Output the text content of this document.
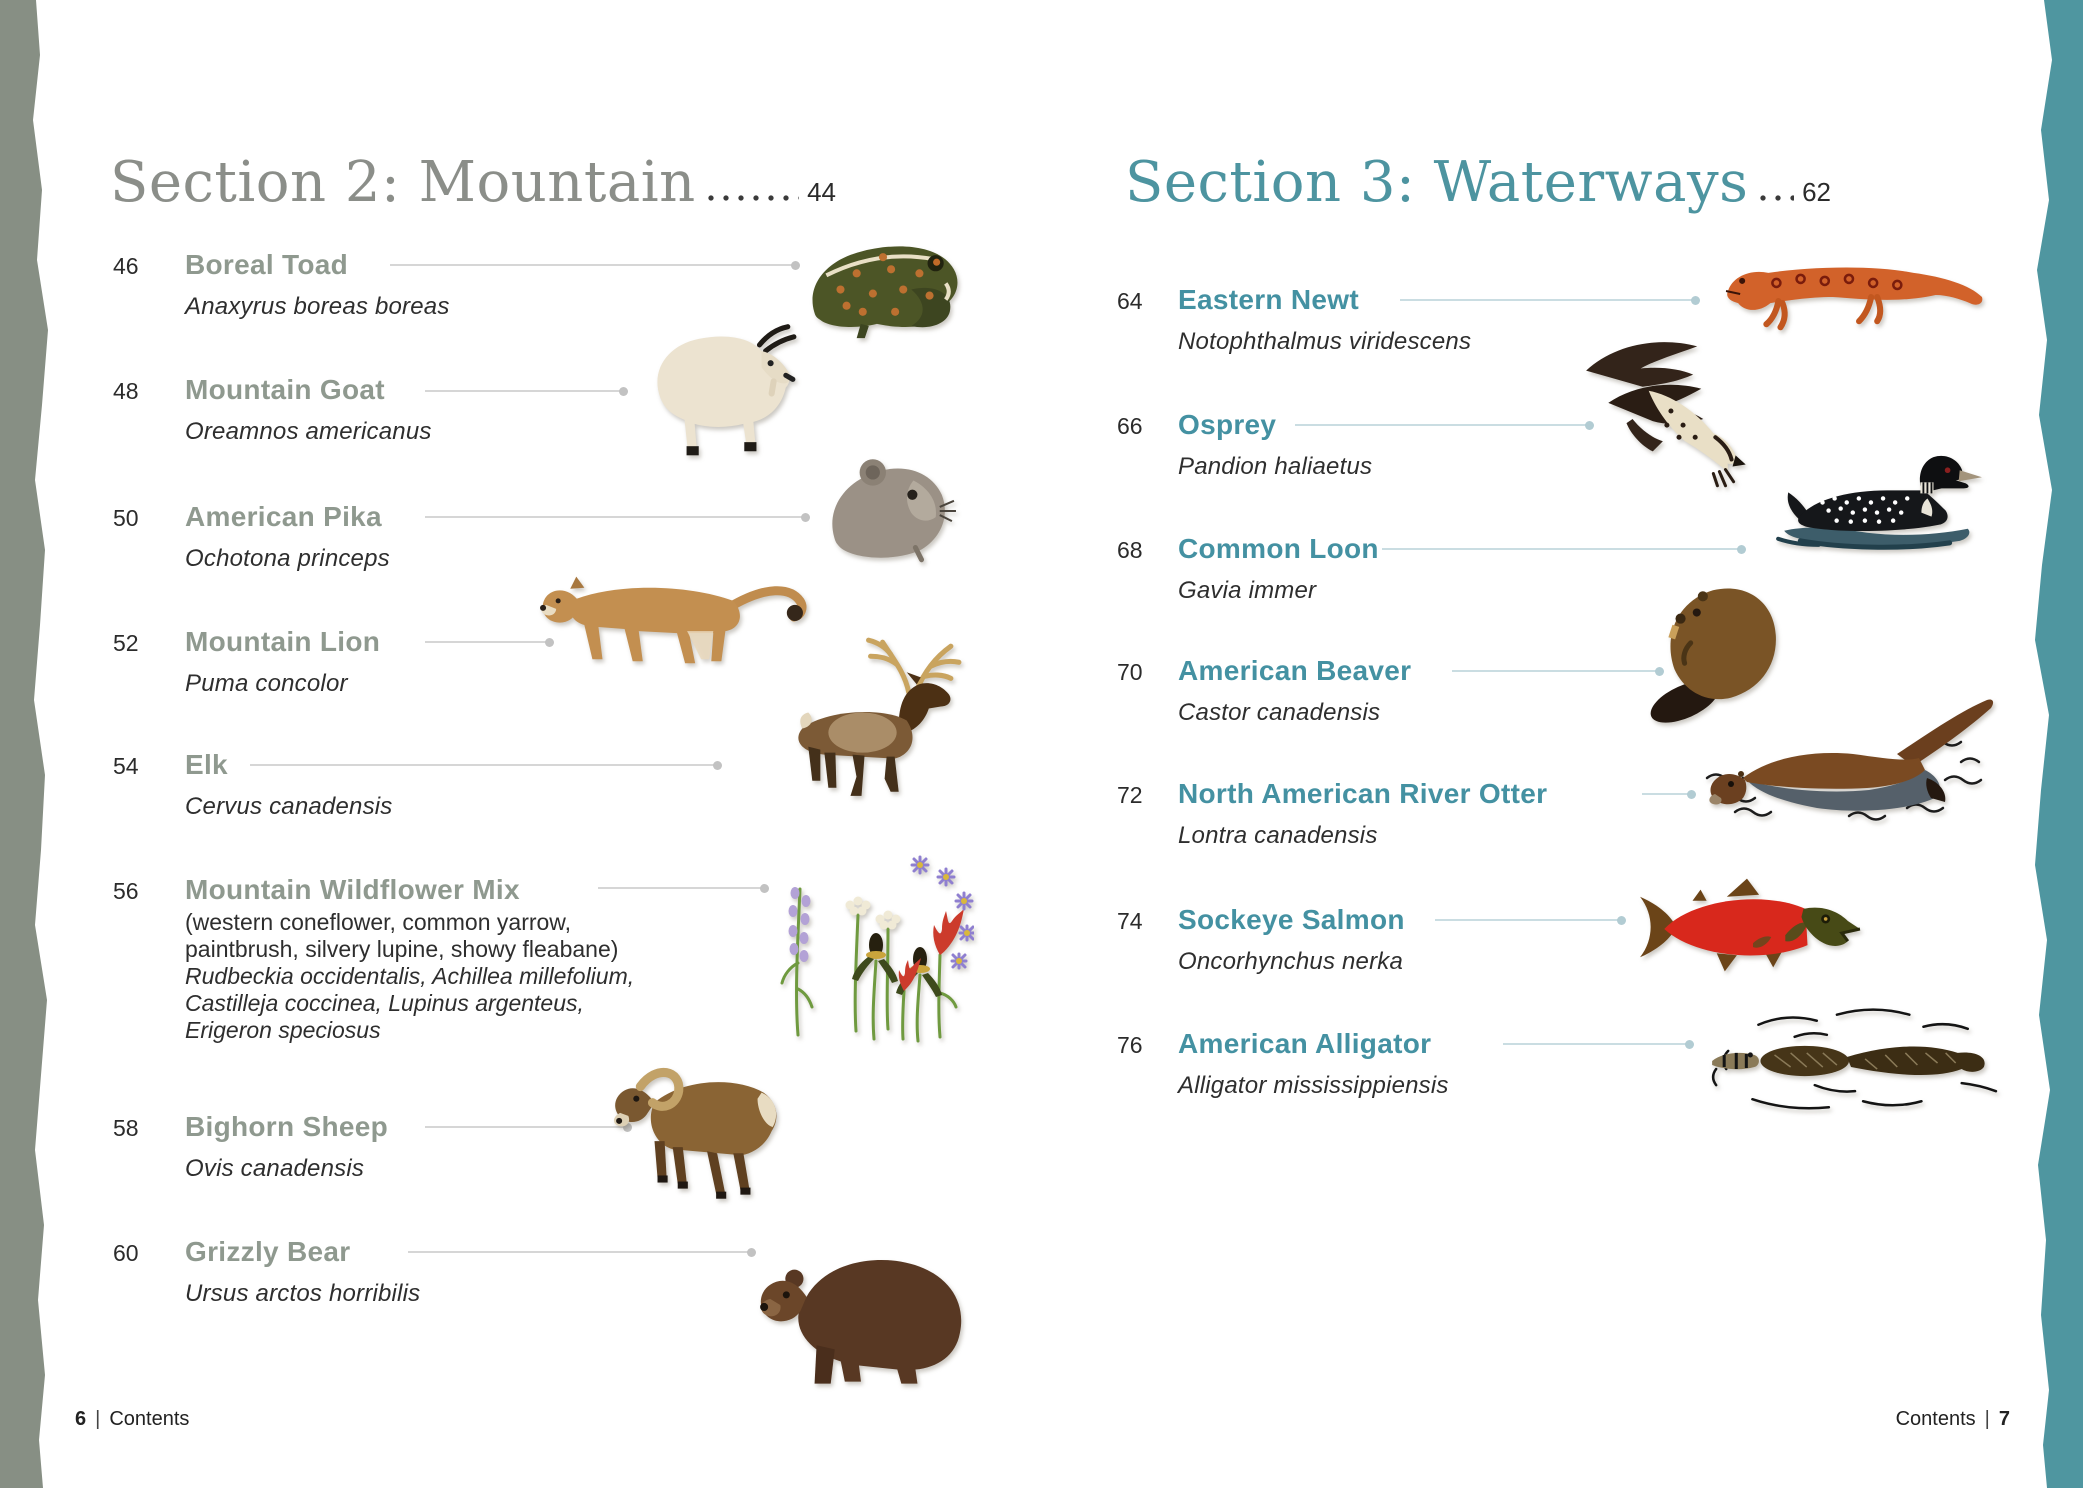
Section 2: Mountain	44
46	Boreal Toad
Anaxyrus boreas boreas
48	Mountain Goat
Oreamnos americanus
50	American Pika
Ochotona princeps
52	Mountain Lion
Puma concolor
54	Elk
Cervus canadensis
56	Mountain Wildflower Mix
(western coneflower, common yarrow,
paintbrush, silvery lupine, showy fleabane)
Rudbeckia occidentalis, Achillea millefolium,
Castilleja coccinea, Lupinus argenteus,
Erigeron speciosus
58	Bighorn Sheep
Ovis canadensis
60	Grizzly Bear
Ursus arctos horribilis
6 | Contents
Section 3: Waterways 62
64	Eastern Newt
Notophthalmus viridescens
66	Osprey
Pandion haliaetus
68	Common Loon
Gavia immer
70	American Beaver
Castor canadensis
72	North American River Otter
Lontra canadensis
74	Sockeye Salmon
Oncorhynchus nerka
76	American Alligator
Alligator mississippiensis
Contents | 7
